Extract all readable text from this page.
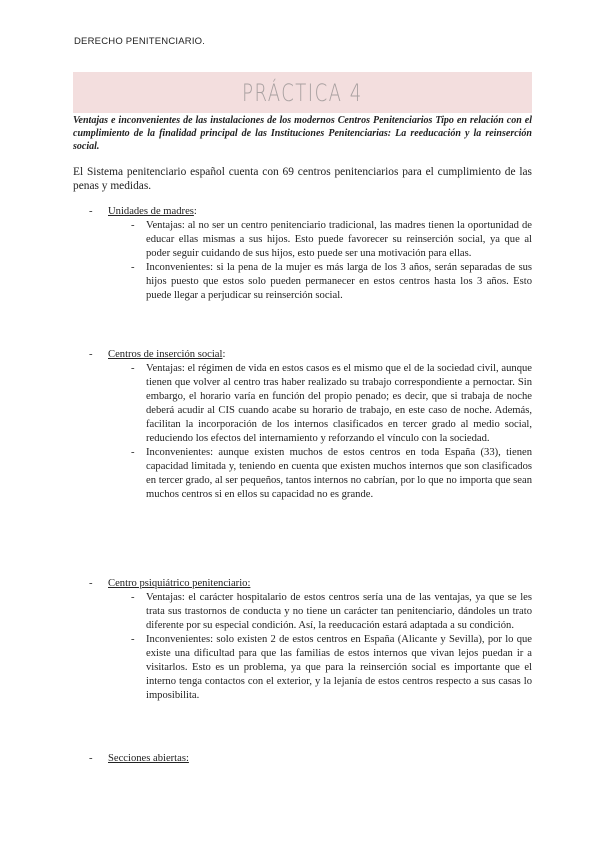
DERECHO PENITENCIARIO.
PRÁCTICA 4
Ventajas e inconvenientes de las instalaciones de los modernos Centros Penitenciarios Tipo en relación con el cumplimiento de la finalidad principal de las Instituciones Penitenciarias: La reeducación y la reinserción social.
El Sistema penitenciario español cuenta con 69 centros penitenciarios para el cumplimiento de las penas y medidas.
- Unidades de madres:
- Ventajas: al no ser un centro penitenciario tradicional, las madres tienen la oportunidad de educar ellas mismas a sus hijos. Esto puede favorecer su reinserción social, ya que al poder seguir cuidando de sus hijos, esto puede ser una motivación para ellas.
- Inconvenientes: si la pena de la mujer es más larga de los 3 años, serán separadas de sus hijos puesto que estos solo pueden permanecer en estos centros hasta los 3 años. Esto puede llegar a perjudicar su reinserción social.
- Centros de inserción social:
- Ventajas: el régimen de vida en estos casos es el mismo que el de la sociedad civil, aunque tienen que volver al centro tras haber realizado su trabajo correspondiente a pernoctar. Sin embargo, el horario varía en función del propio penado; es decir, que si trabaja de noche deberá acudir al CIS cuando acabe su horario de trabajo, en este caso de noche. Además, facilitan la incorporación de los internos clasificados en tercer grado al medio social, reduciendo los efectos del internamiento y reforzando el vínculo con la sociedad.
- Inconvenientes: aunque existen muchos de estos centros en toda España (33), tienen capacidad limitada y, teniendo en cuenta que existen muchos internos que son clasificados en tercer grado, al ser pequeños, tantos internos no cabrían, por lo que no importa que sean muchos centros si en ellos su capacidad no es grande.
- Centro psiquiátrico penitenciario:
- Ventajas: el carácter hospitalario de estos centros sería una de las ventajas, ya que se les trata sus trastornos de conducta y no tiene un carácter tan penitenciario, dándoles un trato diferente por su especial condición. Así, la reeducación estará adaptada a su condición.
- Inconvenientes: solo existen 2 de estos centros en España (Alicante y Sevilla), por lo que existe una dificultad para que las familias de estos internos que vivan lejos puedan ir a visitarlos. Esto es un problema, ya que para la reinserción social es importante que el interno tenga contactos con el exterior, y la lejanía de estos centros respecto a sus casas lo imposibilita.
- Secciones abiertas:
